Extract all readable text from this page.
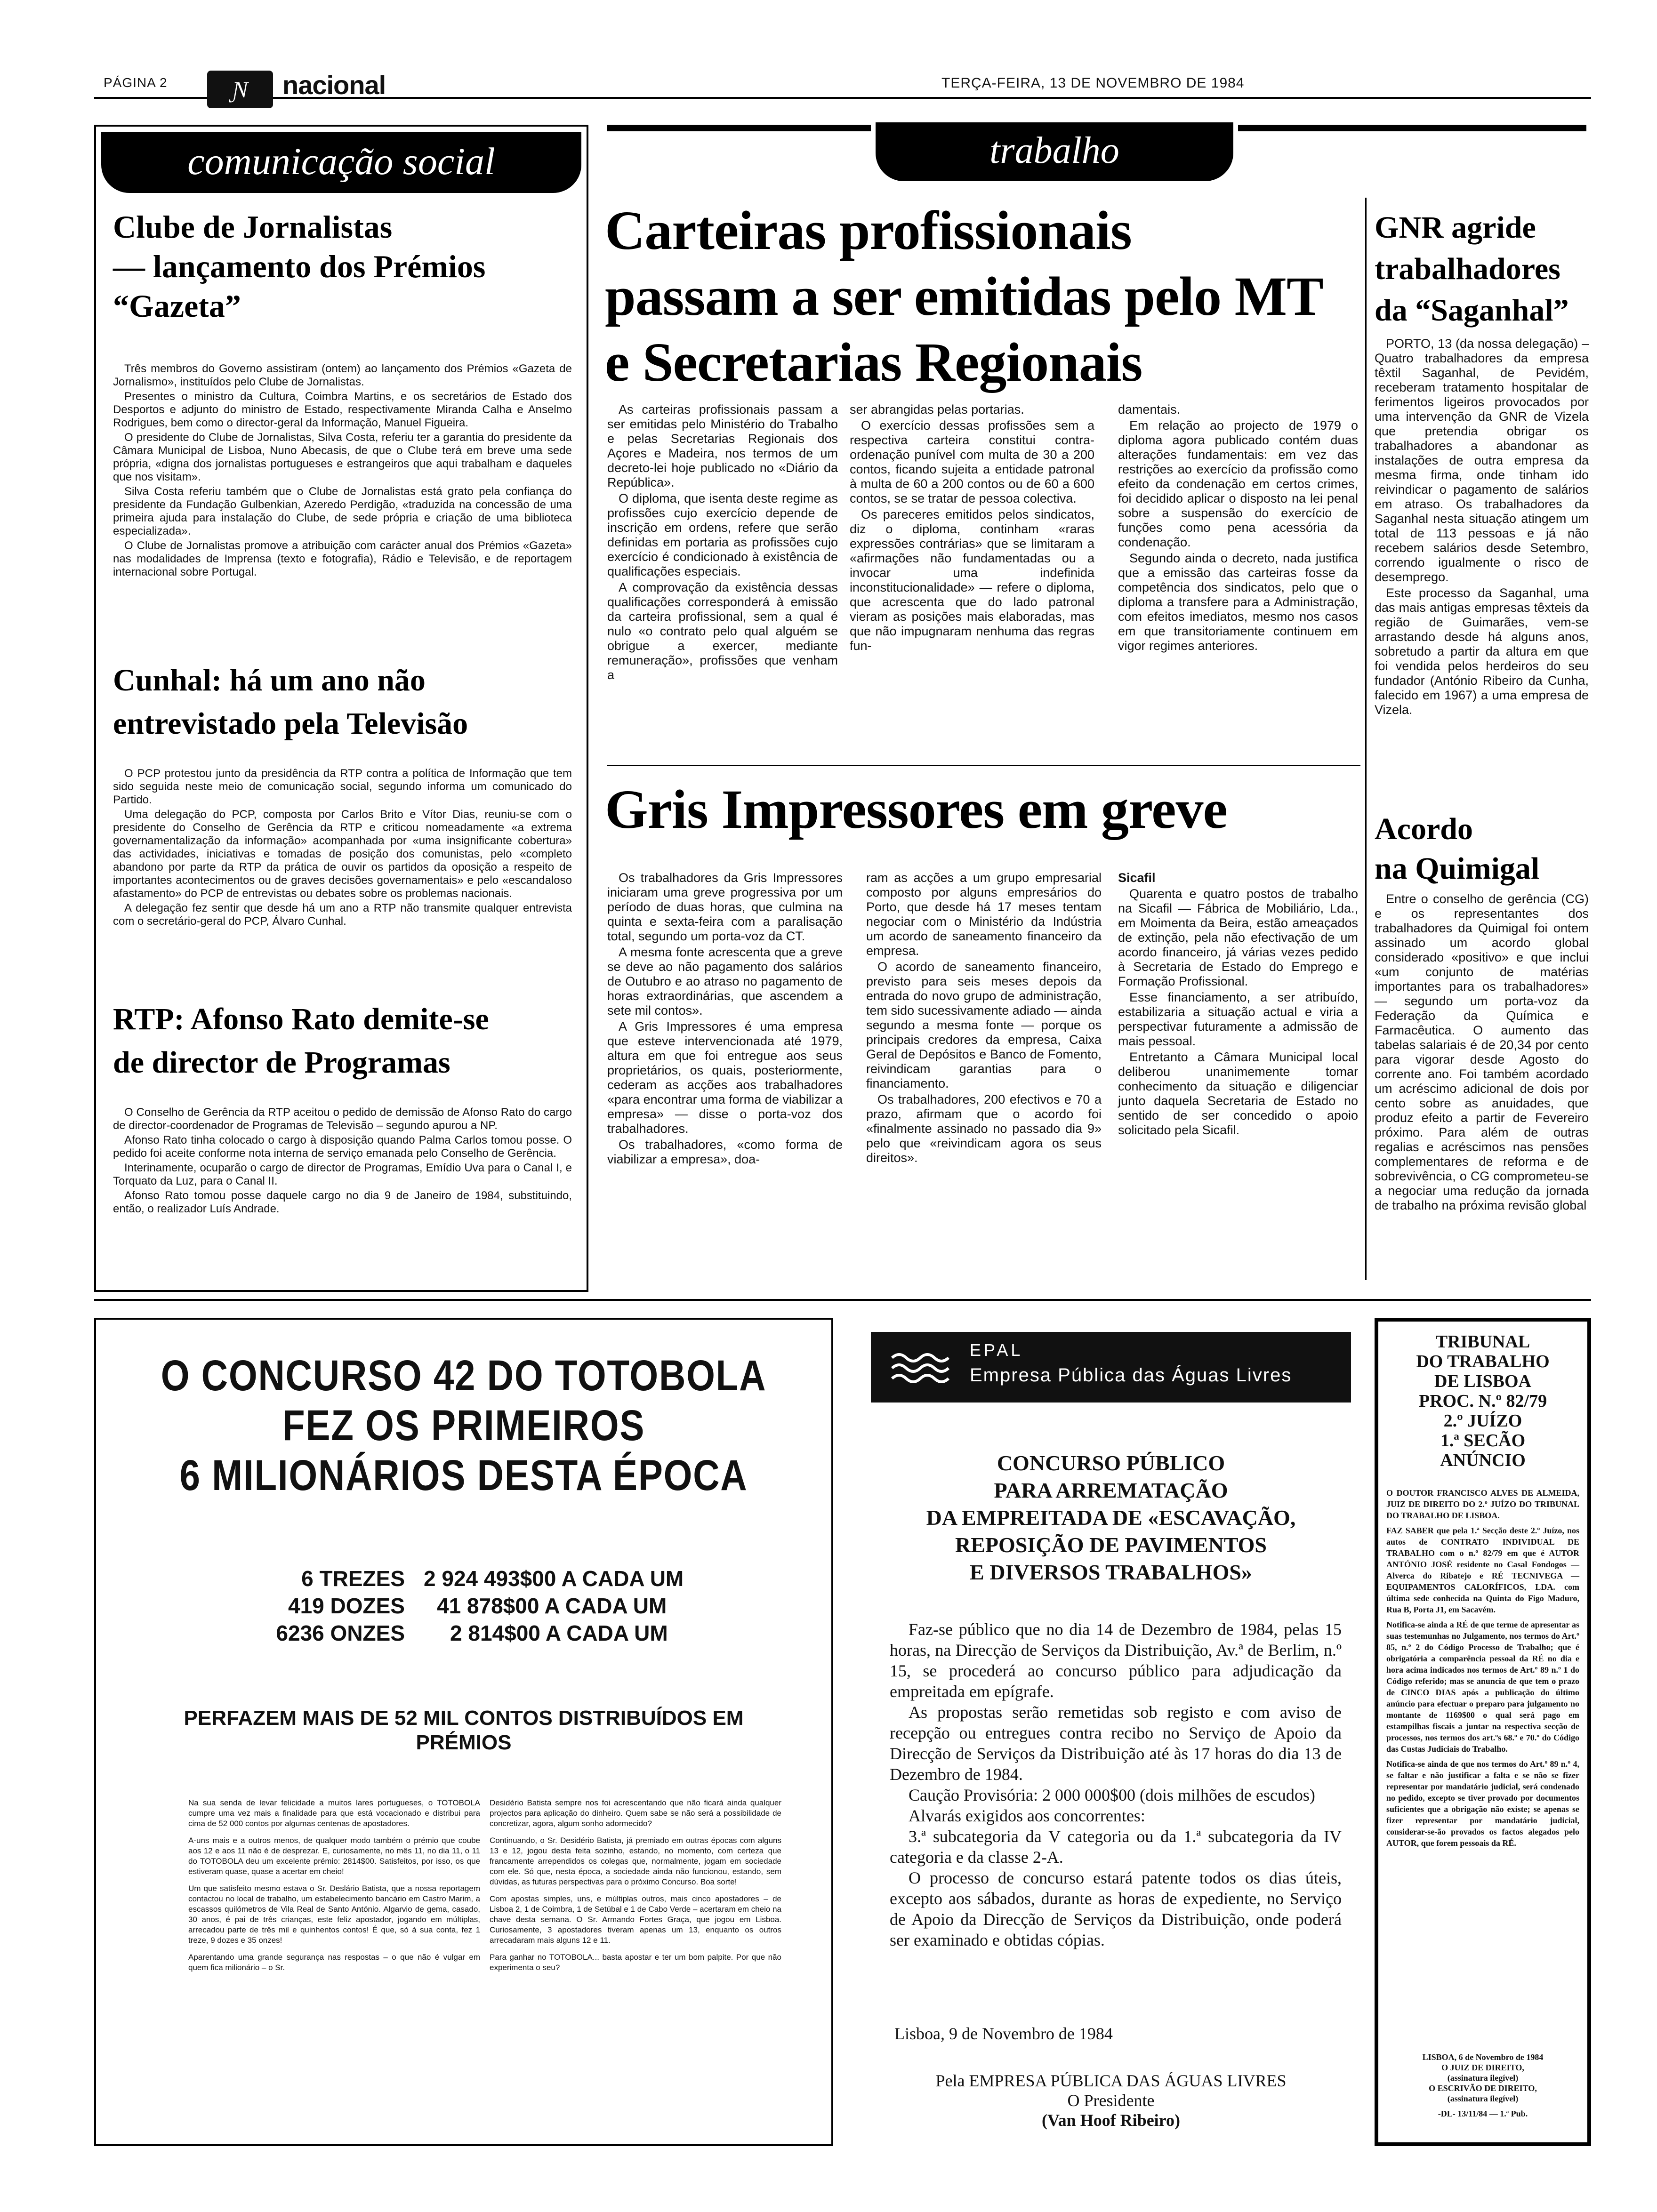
PÁGINA 2	Ɲ	nacional	TERÇA-FEIRA, 13 DE NOVEMBRO DE 1984
comunicação social
Clube de Jornalistas
— lançamento dos Prémios
“Gazeta”

Três membros do Governo assistiram (ontem) ao lançamento dos Prémios «Gazeta de Jornalismo», instituídos pelo Clube de Jornalistas.

Presentes o ministro da Cultura, Coimbra Martins, e os secretários de Estado dos Desportos e adjunto do ministro de Estado, respectivamente Miranda Calha e Anselmo Rodrigues, bem como o director-geral da Informação, Manuel Figueira.

O presidente do Clube de Jornalistas, Silva Costa, referiu ter a garantia do presidente da Câmara Municipal de Lisboa, Nuno Abecasis, de que o Clube terá em breve uma sede própria, «digna dos jornalistas portugueses e estrangeiros que aqui trabalham e daqueles que nos visitam».

Silva Costa referiu também que o Clube de Jornalistas está grato pela confiança do presidente da Fundação Gulbenkian, Azeredo Perdigão, «traduzida na concessão de uma primeira ajuda para instalação do Clube, de sede própria e criação de uma biblioteca especializada».

O Clube de Jornalistas promove a atribuição com carácter anual dos Prémios «Gazeta» nas modalidades de Imprensa (texto e fotografia), Rádio e Televisão, e de reportagem internacional sobre Portugal.

Cunhal: há um ano não
entrevistado pela Televisão

O PCP protestou junto da presidência da RTP contra a política de Informação que tem sido seguida neste meio de comunicação social, segundo informa um comunicado do Partido.

Uma delegação do PCP, composta por Carlos Brito e Vítor Dias, reuniu-se com o presidente do Conselho de Gerência da RTP e criticou nomeadamente «a extrema governamentalização da informação» acompanhada por «uma insignificante cobertura» das actividades, iniciativas e tomadas de posição dos comunistas, pelo «completo abandono por parte da RTP da prática de ouvir os partidos da oposição a respeito de importantes acontecimentos ou de graves decisões governamentais» e pelo «escandaloso afastamento» do PCP de entrevistas ou debates sobre os problemas nacionais.

A delegação fez sentir que desde há um ano a RTP não transmite qualquer entrevista com o secretário-geral do PCP, Álvaro Cunhal.

RTP: Afonso Rato demite-se
de director de Programas

O Conselho de Gerência da RTP aceitou o pedido de demissão de Afonso Rato do cargo de director-coordenador de Programas de Televisão – segundo apurou a NP.

Afonso Rato tinha colocado o cargo à disposição quando Palma Carlos tomou posse. O pedido foi aceite conforme nota interna de serviço emanada pelo Conselho de Gerência.

Interinamente, ocuparão o cargo de director de Programas, Emídio Uva para o Canal I, e Torquato da Luz, para o Canal II.

Afonso Rato tomou posse daquele cargo no dia 9 de Janeiro de 1984, substituindo, então, o realizador Luís Andrade.

trabalho
Carteiras profissionais
passam a ser emitidas pelo MT
e Secretarias Regionais

As carteiras profissionais passam a ser emitidas pelo Ministério do Trabalho e pelas Secretarias Regionais dos Açores e Madeira, nos termos de um decreto-lei hoje publicado no «Diário da República».

O diploma, que isenta deste regime as profissões cujo exercício depende de inscrição em ordens, refere que serão definidas em portaria as profissões cujo exercício é condicionado à existência de qualificações especiais.

A comprovação da existência dessas qualificações corresponderá à emissão da carteira profissional, sem a qual é nulo «o contrato pelo qual alguém se obrigue a exercer, mediante remuneração», profissões que venham a

ser abrangidas pelas portarias.

O exercício dessas profissões sem a respectiva carteira constitui contra-ordenação punível com multa de 30 a 200 contos, ficando sujeita a entidade patronal à multa de 60 a 200 contos ou de 60 a 600 contos, se se tratar de pessoa colectiva.

Os pareceres emitidos pelos sindicatos, diz o diploma, continham «raras expressões contrárias» que se limitaram a «afirmações não fundamentadas ou a invocar uma indefinida inconstitucionalidade» — refere o diploma, que acrescenta que do lado patronal vieram as posições mais elaboradas, mas que não impugnaram nenhuma das regras fun-

damentais.

Em relação ao projecto de 1979 o diploma agora publicado contém duas alterações fundamentais: em vez das restrições ao exercício da profissão como efeito da condenação em certos crimes, foi decidido aplicar o disposto na lei penal sobre a suspensão do exercício de funções como pena acessória da condenação.

Segundo ainda o decreto, nada justifica que a emissão das carteiras fosse da competência dos sindicatos, pelo que o diploma a transfere para a Administração, com efeitos imediatos, mesmo nos casos em que transitoriamente continuem em vigor regimes anteriores.

Gris Impressores em greve

Os trabalhadores da Gris Impressores iniciaram uma greve progressiva por um período de duas horas, que culmina na quinta e sexta-feira com a paralisação total, segundo um porta-voz da CT.

A mesma fonte acrescenta que a greve se deve ao não pagamento dos salários de Outubro e ao atraso no pagamento de horas extraordinárias, que ascendem a sete mil contos».

A Gris Impressores é uma empresa que esteve intervencionada até 1979, altura em que foi entregue aos seus proprietários, os quais, posteriormente, cederam as acções aos trabalhadores «para encontrar uma forma de viabilizar a empresa» — disse o porta-voz dos trabalhadores.

Os trabalhadores, «como forma de viabilizar a empresa», doa-

ram as acções a um grupo empresarial composto por alguns empresários do Porto, que desde há 17 meses tentam negociar com o Ministério da Indústria um acordo de saneamento financeiro da empresa.

O acordo de saneamento financeiro, previsto para seis meses depois da entrada do novo grupo de administração, tem sido sucessivamente adiado — ainda segundo a mesma fonte — porque os principais credores da empresa, Caixa Geral de Depósitos e Banco de Fomento, reivindicam garantias para o financiamento.

Os trabalhadores, 200 efectivos e 70 a prazo, afirmam que o acordo foi «finalmente assinado no passado dia 9» pelo que «reivindicam agora os seus direitos».

Sicafil

Quarenta e quatro postos de trabalho na Sicafil — Fábrica de Mobiliário, Lda., em Moimenta da Beira, estão ameaçados de extinção, pela não efectivação de um acordo financeiro, já várias vezes pedido à Secretaria de Estado do Emprego e Formação Profissional.

Esse financiamento, a ser atribuído, estabilizaria a situação actual e viria a perspectivar futuramente a admissão de mais pessoal.

Entretanto a Câmara Municipal local deliberou unanimemente tomar conhecimento da situação e diligenciar junto daquela Secretaria de Estado no sentido de ser concedido o apoio solicitado pela Sicafil.

GNR agride
trabalhadores
da “Saganhal”

PORTO, 13 (da nossa delegação) – Quatro trabalhadores da empresa têxtil Saganhal, de Pevidém, receberam tratamento hospitalar de ferimentos ligeiros provocados por uma intervenção da GNR de Vizela que pretendia obrigar os trabalhadores a abandonar as instalações de outra empresa da mesma firma, onde tinham ido reivindicar o pagamento de salários em atraso. Os trabalhadores da Saganhal nesta situação atingem um total de 113 pessoas e já não recebem salários desde Setembro, correndo igualmente o risco de desemprego.

Este processo da Saganhal, uma das mais antigas empresas têxteis da região de Guimarães, vem-se arrastando desde há alguns anos, sobretudo a partir da altura em que foi vendida pelos herdeiros do seu fundador (António Ribeiro da Cunha, falecido em 1967) a uma empresa de Vizela.

Acordo
na Quimigal

Entre o conselho de gerência (CG) e os representantes dos trabalhadores da Quimigal foi ontem assinado um acordo global considerado «positivo» e que inclui «um conjunto de matérias importantes para os trabalhadores» — segundo um porta-voz da Federação da Química e Farmacêutica. O aumento das tabelas salariais é de 20,34 por cento para vigorar desde Agosto do corrente ano. Foi também acordado um acréscimo adicional de dois por cento sobre as anuidades, que produz efeito a partir de Fevereiro próximo. Para além de outras regalias e acréscimos nas pensões complementares de reforma e de sobrevivência, o CG comprometeu-se a negociar uma redução da jornada de trabalho na próxima revisão global

O CONCURSO 42 DO TOTOBOLA
FEZ OS PRIMEIROS
6 MILIONÁRIOS DESTA ÉPOCA
6 TREZES 2 924 493$00 A CADA UM
419 DOZES	41 878$00 A CADA UM
6236 ONZES	2 814$00 A CADA UM
PERFAZEM MAIS DE 52 MIL CONTOS DISTRIBUÍDOS EM
PRÉMIOS

Na sua senda de levar felicidade a muitos lares portugueses, o TOTOBOLA cumpre uma vez mais a finalidade para que está vocacionado e distribui para cima de 52 000 contos por algumas centenas de apostadores.

A-uns mais e a outros menos, de qualquer modo também o prémio que coube aos 12 e aos 11 não é de desprezar. E, curiosamente, no mês 11, no dia 11, o 11 do TOTOBOLA deu um excelente prémio: 2814$00. Satisfeitos, por isso, os que estiveram quase, quase a acertar em cheio!

Um que satisfeito mesmo estava o Sr. Deslário Batista, que a nossa reportagem contactou no local de trabalho, um estabelecimento bancário em Castro Marim, a escassos quilómetros de Vila Real de Santo António. Algarvio de gema, casado, 30 anos, é pai de três crianças, este feliz apostador, jogando em múltiplas, arrecadou parte de três mil e quinhentos contos! É que, só à sua conta, fez 1 treze, 9 dozes e 35 onzes!

Aparentando uma grande segurança nas respostas – o que não é vulgar em quem fica milionário – o Sr.

Desidério Batista sempre nos foi acrescentando que não ficará ainda qualquer projectos para aplicação do dinheiro. Quem sabe se não será a possibilidade de concretizar, agora, algum sonho adormecido?

Continuando, o Sr. Desidério Batista, já premiado em outras épocas com alguns 13 e 12, jogou desta feita sozinho, estando, no momento, com certeza que francamente arrependidos os colegas que, normalmente, jogam em sociedade com ele. Só que, nesta época, a sociedade ainda não funcionou, estando, sem dúvidas, as futuras perspectivas para o próximo Concurso. Boa sorte!

Com apostas simples, uns, e múltiplas outros, mais cinco apostadores – de Lisboa 2, 1 de Coimbra, 1 de Setúbal e 1 de Cabo Verde – acertaram em cheio na chave desta semana. O Sr. Armando Fortes Graça, que jogou em Lisboa. Curiosamente, 3 apostadores tiveram apenas um 13, enquanto os outros arrecadaram mais alguns 12 e 11.

Para ganhar no TOTOBOLA... basta apostar e ter um bom palpite. Por que não experimenta o seu?

EPAL
Empresa Pública das Águas Livres
CONCURSO PÚBLICO
PARA ARREMATAÇÃO
DA EMPREITADA DE «ESCAVAÇÃO,
REPOSIÇÃO DE PAVIMENTOS
E DIVERSOS TRABALHOS»

Faz-se público que no dia 14 de Dezembro de 1984, pelas 15 horas, na Direcção de Serviços da Distribuição, Av.ª de Berlim, n.º 15, se procederá ao concurso público para adjudicação da empreitada em epígrafe.

As propostas serão remetidas sob registo e com aviso de recepção ou entregues contra recibo no Serviço de Apoio da Direcção de Serviços da Distribuição até às 17 horas do dia 13 de Dezembro de 1984.

Caução Provisória: 2 000 000$00 (dois milhões de escudos)

Alvarás exigidos aos concorrentes:

3.ª subcategoria da V categoria ou da 1.ª subcategoria da IV categoria e da classe 2-A.

O processo de concurso estará patente todos os dias úteis, excepto aos sábados, durante as horas de expediente, no Serviço de Apoio da Direcção de Serviços da Distribuição, onde poderá ser examinado e obtidas cópias.

Lisboa, 9 de Novembro de 1984
Pela EMPRESA PÚBLICA DAS ÁGUAS LIVRES
O Presidente
(Van Hoof Ribeiro)
TRIBUNAL
DO TRABALHO
DE LISBOA
PROC. N.º 82/79
2.º JUÍZO
1.ª SECÃO
ANÚNCIO

O DOUTOR FRANCISCO ALVES DE ALMEIDA, JUIZ DE DIREITO DO 2.º JUÍZO DO TRIBUNAL DO TRABALHO DE LISBOA.

FAZ SABER que pela 1.ª Secção deste 2.º Juízo, nos autos de CONTRATO INDIVIDUAL DE TRABALHO com o n.º 82/79 em que é AUTOR ANTÓNIO JOSÉ residente no Casal Fondogos — Alverca do Ribatejo e RÉ TECNIVEGA — EQUIPAMENTOS CALORÍFICOS, LDA. com última sede conhecida na Quinta do Figo Maduro, Rua B, Porta J1, em Sacavém.

Notifica-se ainda a RÉ de que terme de apresentar as suas testemunhas no Julgamento, nos termos do Art.º 85, n.º 2 do Código Processo de Trabalho; que é obrigatória a comparência pessoal da RÉ no dia e hora acima indicados nos termos de Art.º 89 n.º 1 do Código referido; mas se anuncia de que tem o prazo de CINCO DIAS após a publicação do último anúncio para efectuar o preparo para julgamento no montante de 1169$00 o qual será pago em estampilhas fiscais a juntar na respectiva secção de processos, nos termos dos art.ºs 68.º e 70.º do Código das Custas Judiciais do Trabalho.

Notifica-se ainda de que nos termos do Art.º 89 n.º 4, se faltar e não justificar a falta e se não se fizer representar por mandatário judicial, será condenado no pedido, excepto se tiver provado por documentos suficientes que a obrigação não existe; se apenas se fizer representar por mandatário judicial, considerar-se-ão provados os factos alegados pelo AUTOR, que forem pessoais da RÉ.

LISBOA, 6 de Novembro de 1984
O JUIZ DE DIREITO,
(assinatura ilegível)
O ESCRIVÃO DE DIREITO,
(assinatura ilegível)
-DL- 13/11/84 — 1.ª Pub.
